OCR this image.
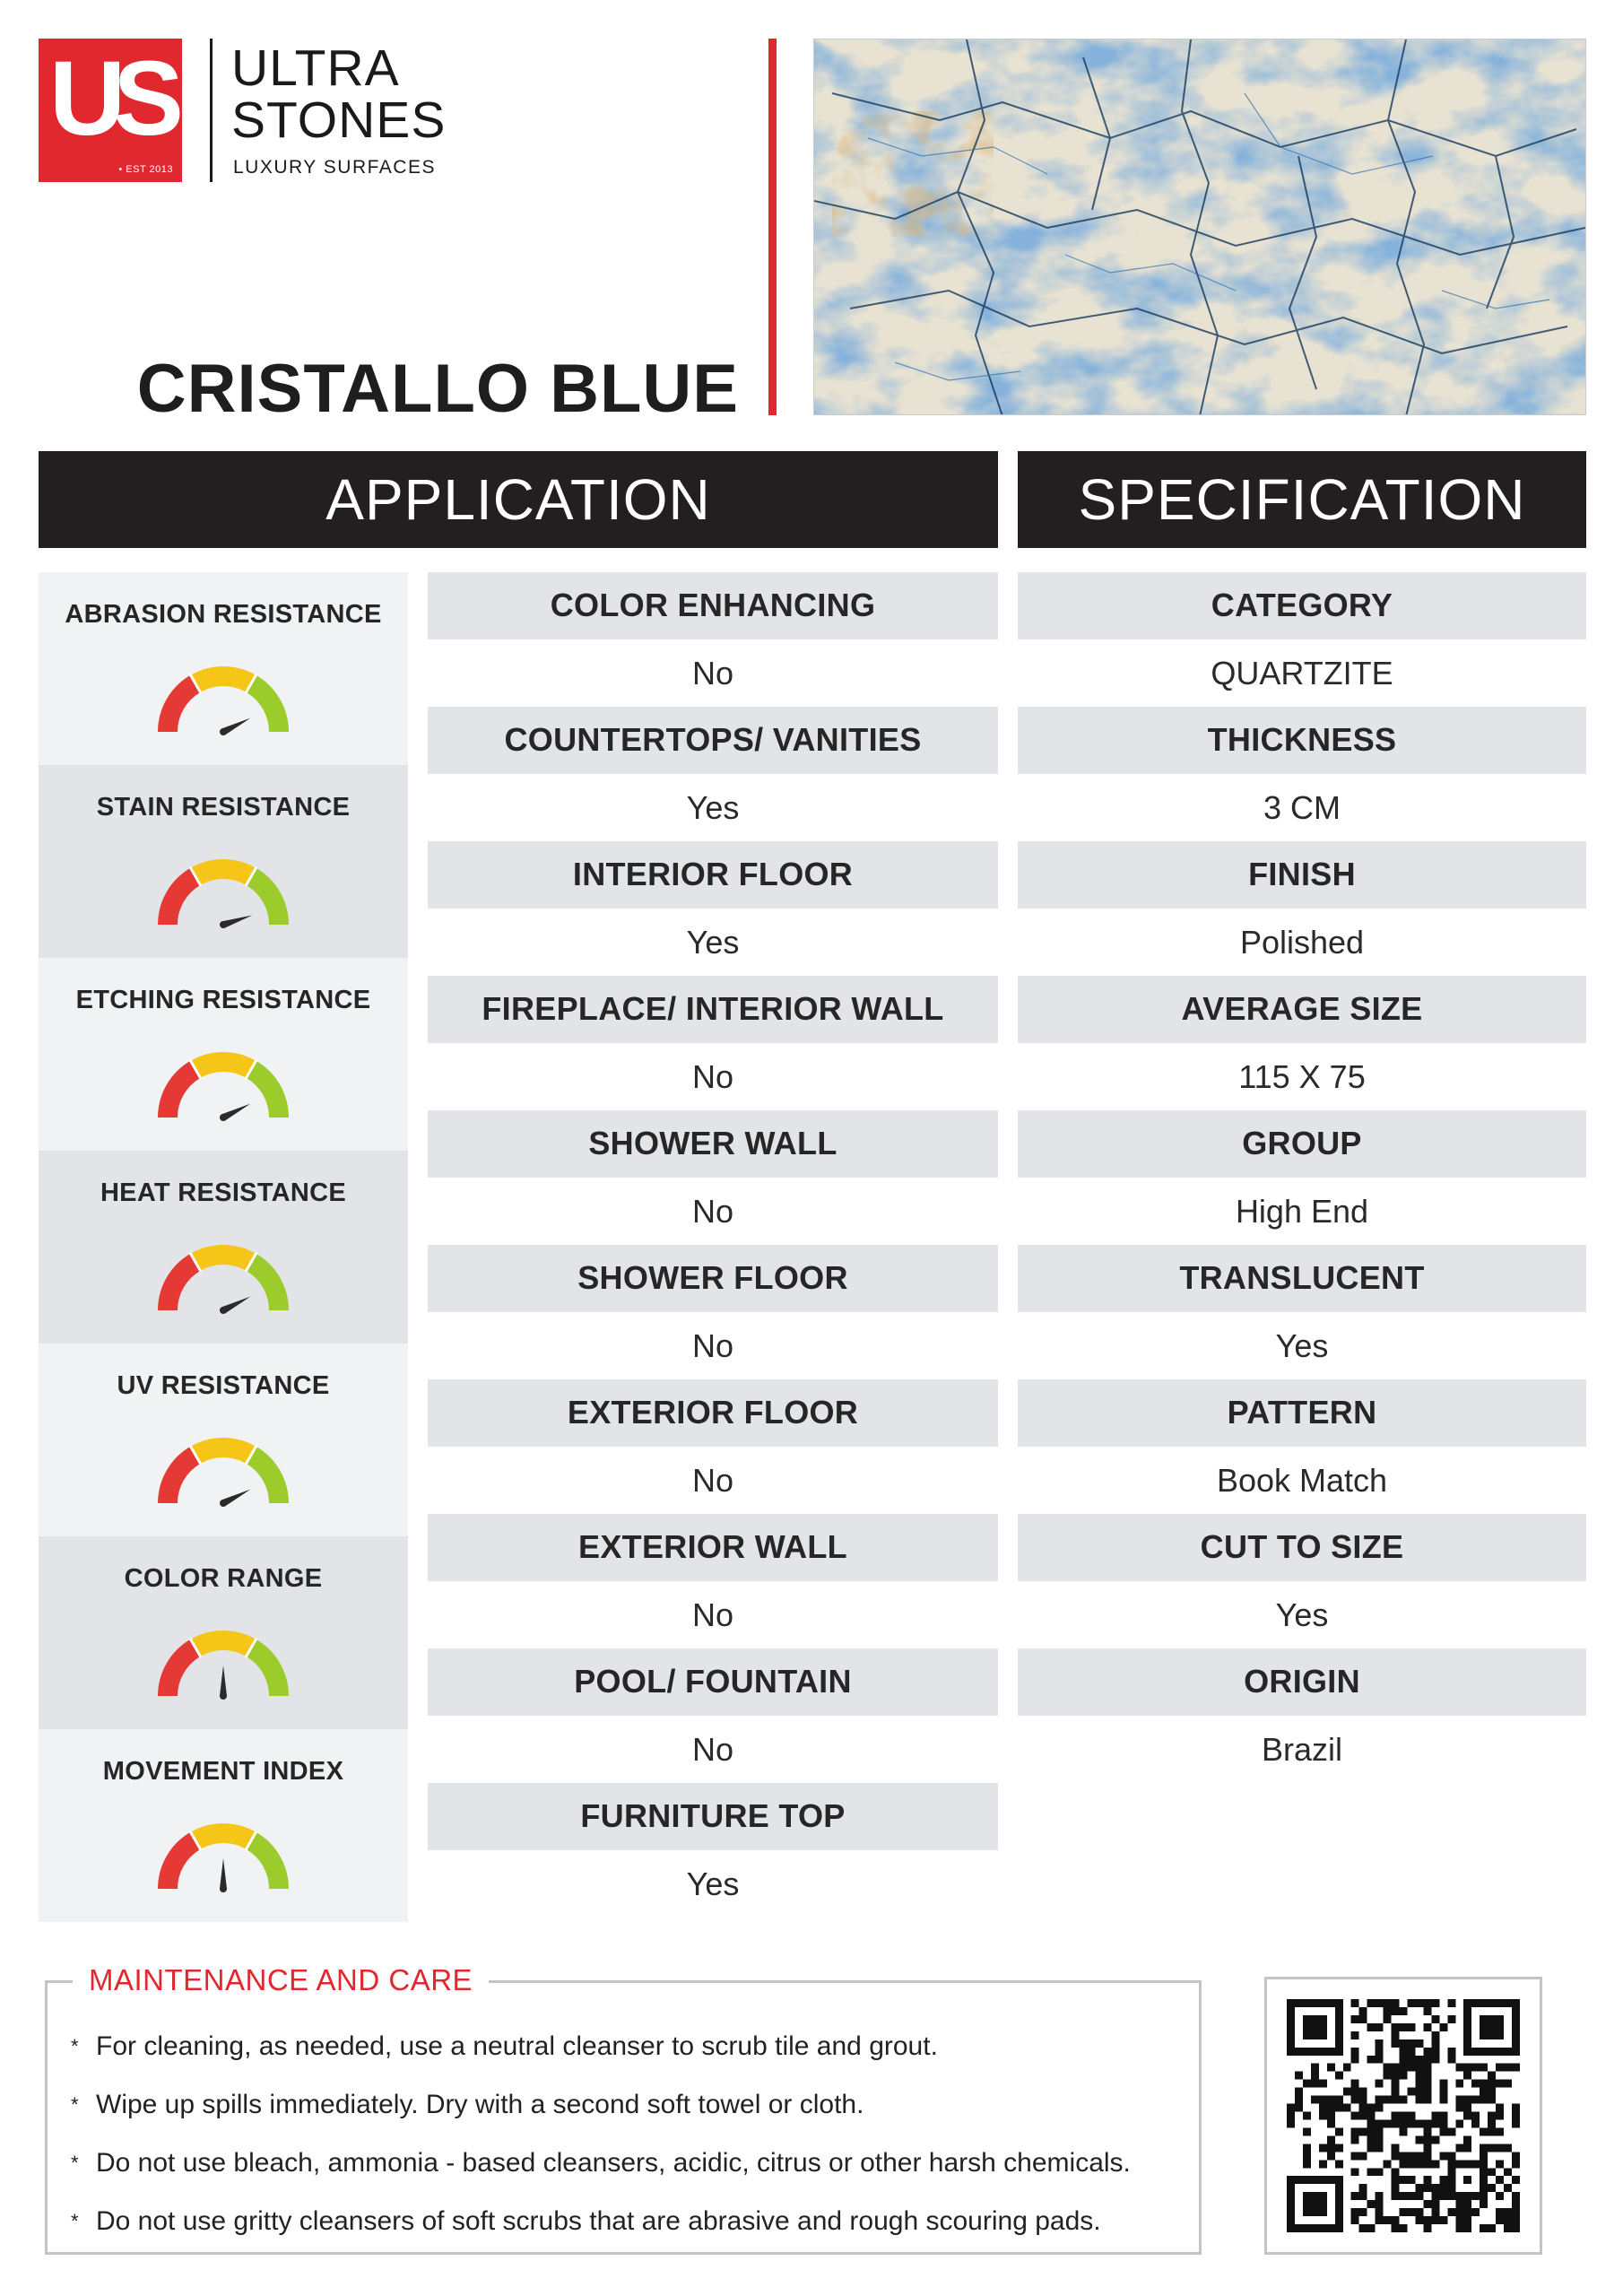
US
• EST 2013
ULTRA
STONES
LUXURY SURFACES
CRISTALLO BLUE
APPLICATION	SPECIFICATION
ABRASION RESISTANCE
STAIN RESISTANCE
ETCHING RESISTANCE
HEAT RESISTANCE
UV RESISTANCE
COLOR RANGE
MOVEMENT INDEX
COLOR ENHANCING
No
COUNTERTOPS/ VANITIES
Yes
INTERIOR FLOOR
Yes
FIREPLACE/ INTERIOR WALL
No
SHOWER WALL
No
SHOWER FLOOR
No
EXTERIOR FLOOR
No
EXTERIOR WALL
No
POOL/ FOUNTAIN
No
FURNITURE TOP
Yes
CATEGORY
QUARTZITE
THICKNESS
3 CM
FINISH
Polished
AVERAGE SIZE
115 X 75
GROUP
High End
TRANSLUCENT
Yes
PATTERN
Book Match
CUT TO SIZE
Yes
ORIGIN
Brazil
MAINTENANCE AND CARE
* For cleaning, as needed, use a neutral cleanser to scrub tile and grout.
* Wipe up spills immediately. Dry with a second soft towel or cloth.
* Do not use bleach, ammonia - based cleansers, acidic, citrus or other harsh chemicals.
* Do not use gritty cleansers of soft scrubs that are abrasive and rough scouring pads.
